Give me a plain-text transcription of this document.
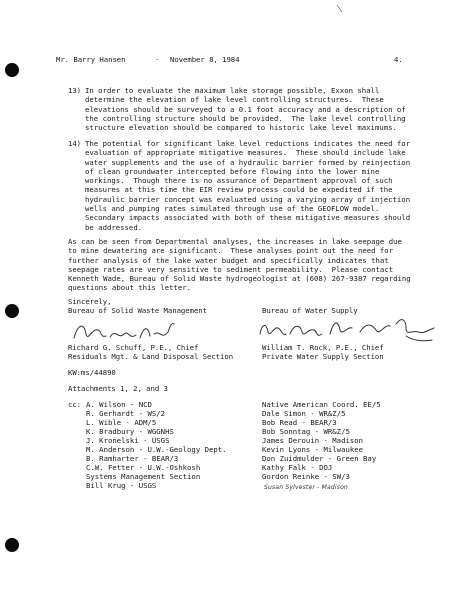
Mr. Barry Hansen	- November 8, 1984	4.
13) In order to evaluate the maximum lake storage possible, Exxon shall
determine the elevation of lake level controlling structures.  These
elevations should be surveyed to a 0.1 foot accuracy and a description of
the controlling structure should be provided.  The lake level controlling
structure elevation should be compared to historic lake level maximums.
14) The potential for significant lake level reductions indicates the need for
evaluation of appropriate mitigative measures.  These should include lake
water supplements and the use of a hydraulic barrier formed by reinjection
of clean groundwater intercepted before flowing into the lower mine
workings.  Though there is no assurance of Department approval of such
measures at this time the EIR review process could be expedited if the
hydraulic barrier concept was evaluated using a varying array of injection
wells and pumping rates simulated through use of the GEOFLOW model.
Secondary impacts associated with both of these mitigative measures should
be addressed.
As can be seen from Departmental analyses, the increases in lake seepage due
to mine dewatering are significant.  These analyses point out the need for
further analysis of the lake water budget and specifically indicates that
seepage rates are very sensitive to sediment permeability.  Please contact
Kenneth Wade, Bureau of Solid Waste hydrogeologist at (608) 267-9387 regarding
questions about this letter.
Sincerely,
Bureau of Solid Waste Management	Bureau of Water Supply
Richard G. Schuff, P.E., Chief
Residuals Mgt. & Land Disposal Section
William T. Rock, P.E., Chief
Private Water Supply Section
KW:ms/44890
Attachments 1, 2, and 3
cc: A. Wilson - NCD
R. Gerhardt - WS/2
L. Wible - ADM/5
K. Bradbury - WGGNHS
J. Kronelski - USGS
M. Anderson - U.W.-Geology Dept.
B. Ramharter - BEAR/3
C.W. Fetter - U.W.-Oshkosh
Systems Management Section
Bill Krug - USGS
Native American Coord. EE/5
Dale Simon - WR&Z/5
Bob Read - BEAR/3
Bob Sonntag - WR&Z/5
James Derouin - Madison
Kevin Lyons - Milwaukee
Don Zuidmulder - Green Bay
Kathy Falk - DOJ
Gordon Reinke - SW/3
Susan Sylvester - Madison
